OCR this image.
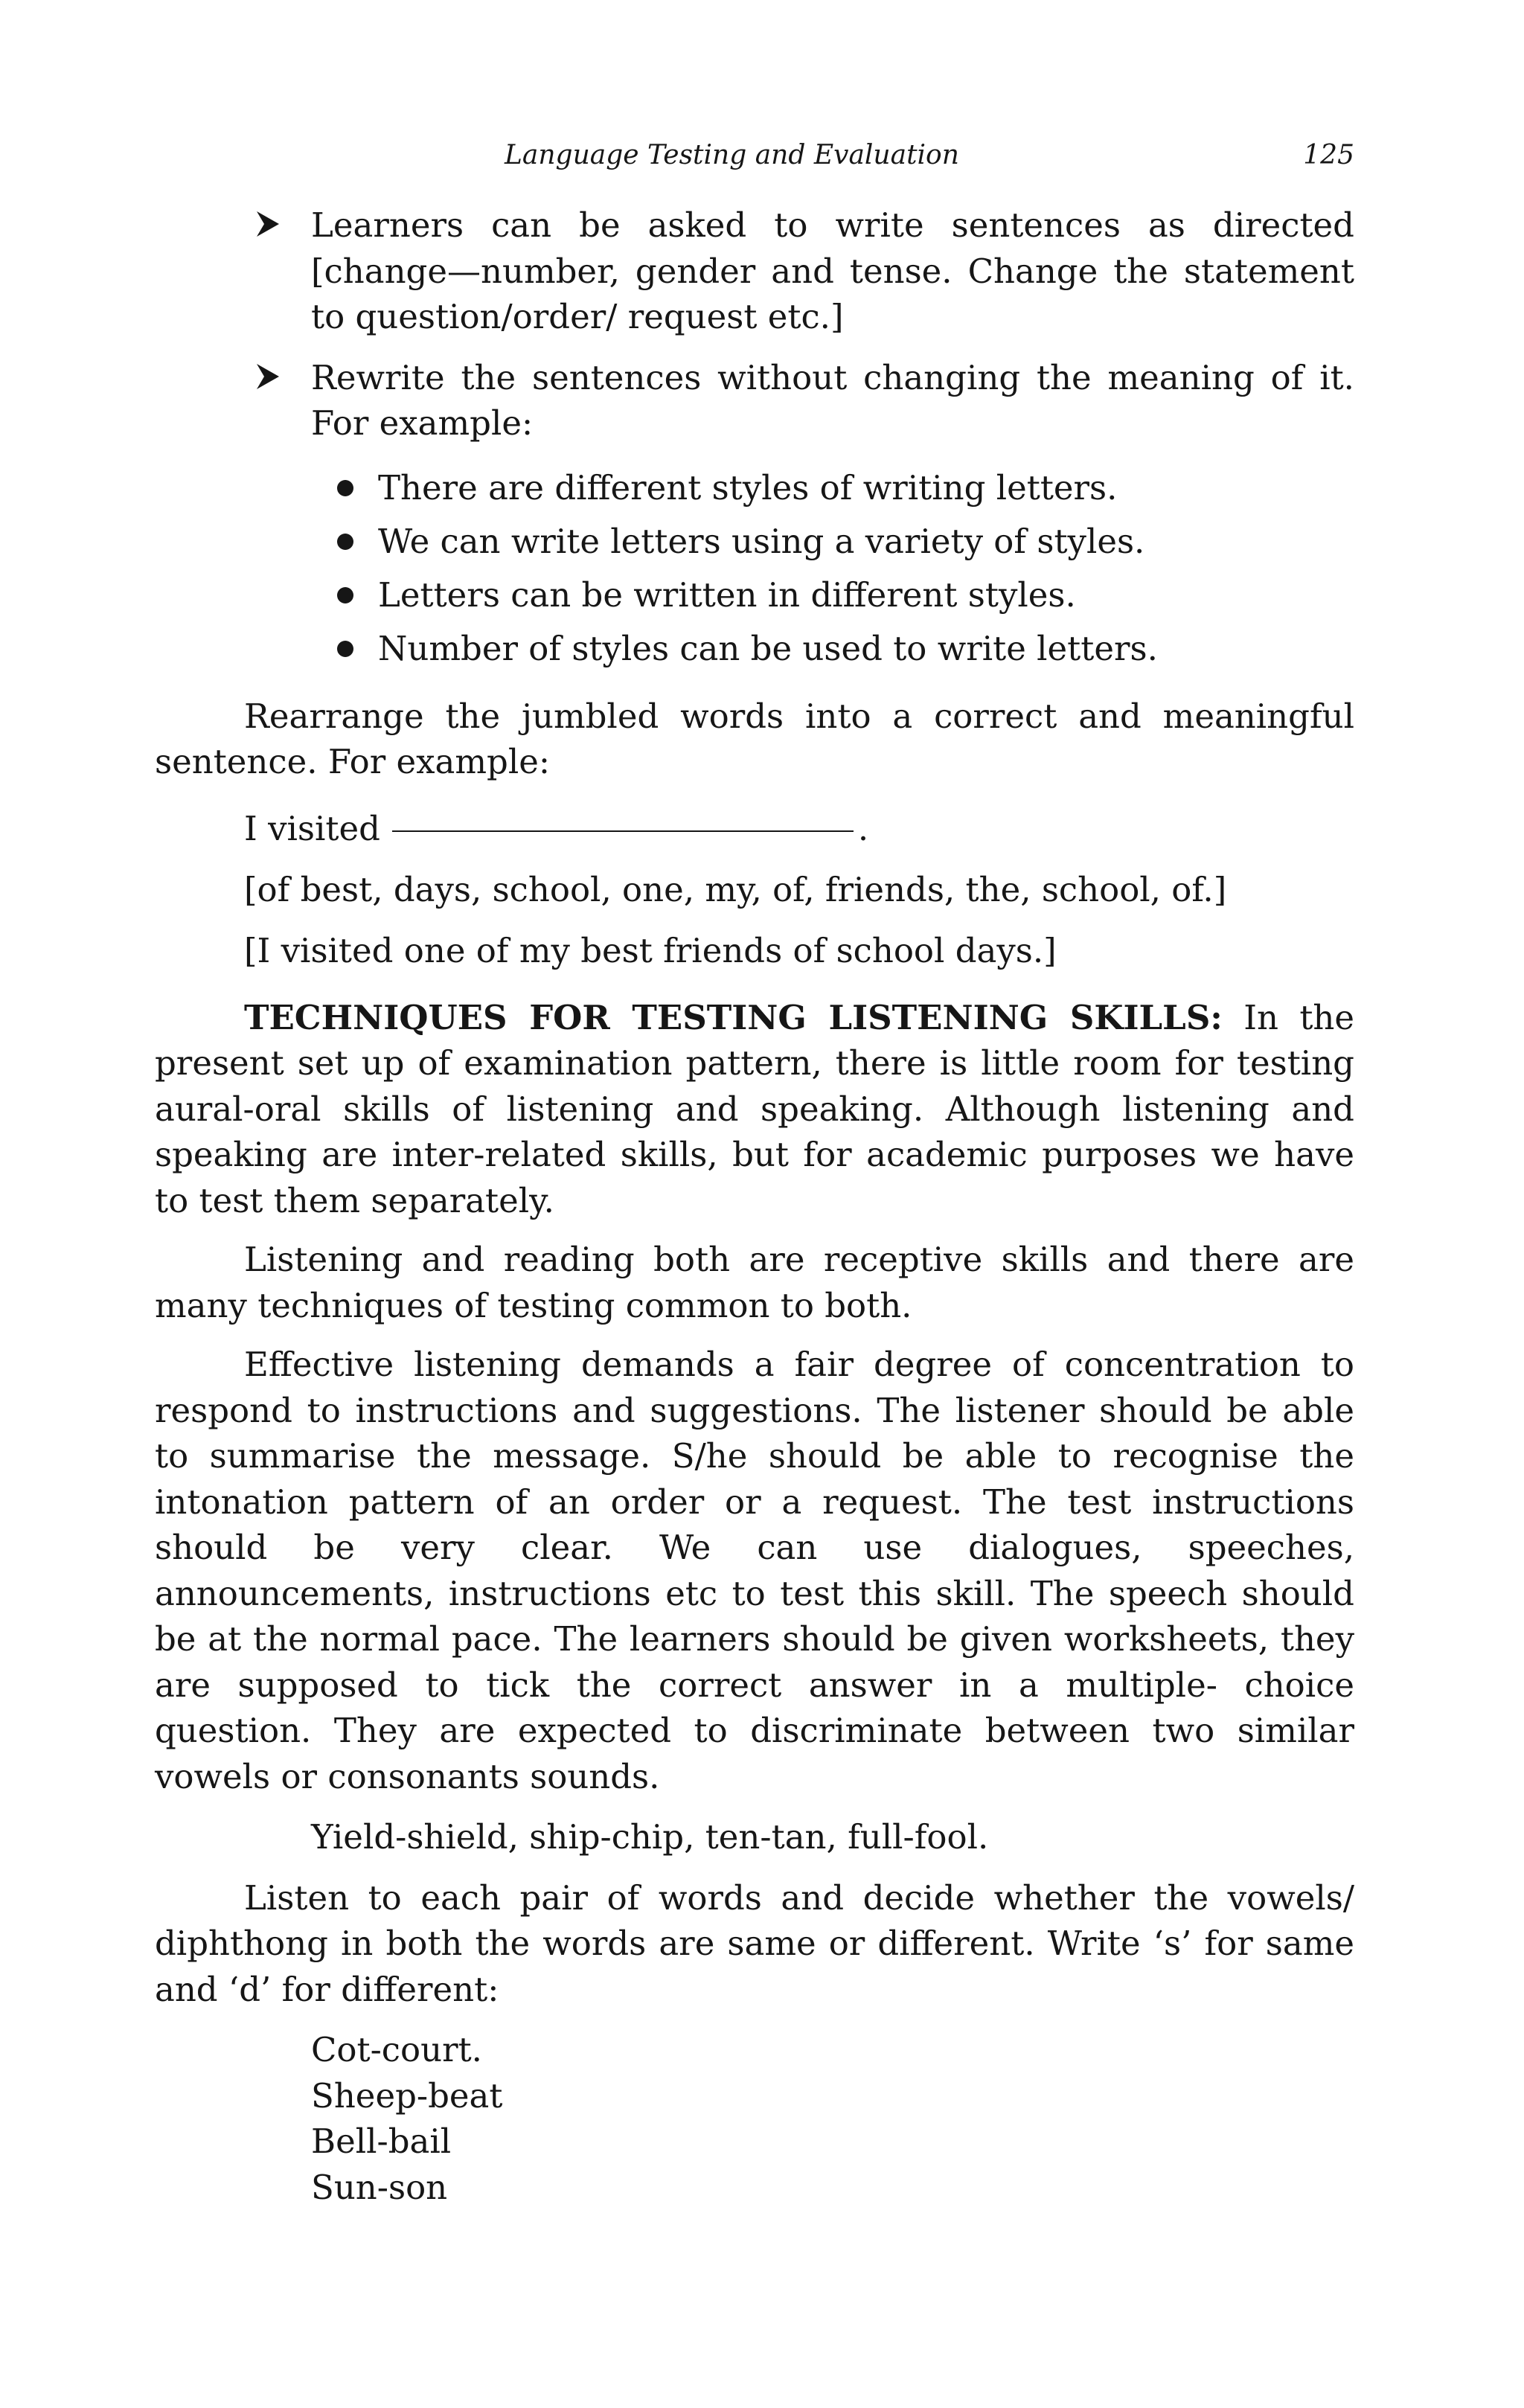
Language Testing and Evaluation	125

Learners can be asked to write sentences as directed [change—number, gender and tense. Change the statement to question/order/ request etc.]

Rewrite the sentences without changing the meaning of it. For example:

There are different styles of writing letters.
We can write letters using a variety of styles.
Letters can be written in different styles.
Number of styles can be used to write letters.

Rearrange the jumbled words into a correct and meaningful sentence. For example:

I visited	.
[of best, days, school, one, my, of, friends, the, school, of.]
[I visited one of my best friends of school days.]

TECHNIQUES FOR TESTING LISTENING SKILLS: In the present set up of examination pattern, there is little room for testing aural-oral skills of listening and speaking. Although listening and speaking are inter-related skills, but for academic purposes we have to test them separately.

Listening and reading both are receptive skills and there are many techniques of testing common to both.

Effective listening demands a fair degree of concentration to respond to instructions and suggestions. The listener should be able to summarise the message. S/he should be able to recognise the intonation pattern of an order or a request. The test instructions should be very clear. We can use dialogues, speeches, announcements, instructions etc to test this skill. The speech should be at the normal pace. The learners should be given worksheets, they are supposed to tick the correct answer in a multiple- choice question. They are expected to discriminate between two similar vowels or consonants sounds.

Yield-shield, ship-chip, ten-tan, full-fool.

Listen to each pair of words and decide whether the vowels/ diphthong in both the words are same or different. Write ‘s’ for same and ‘d’ for different:

Cot-court.
Sheep-beat
Bell-bail
Sun-son
